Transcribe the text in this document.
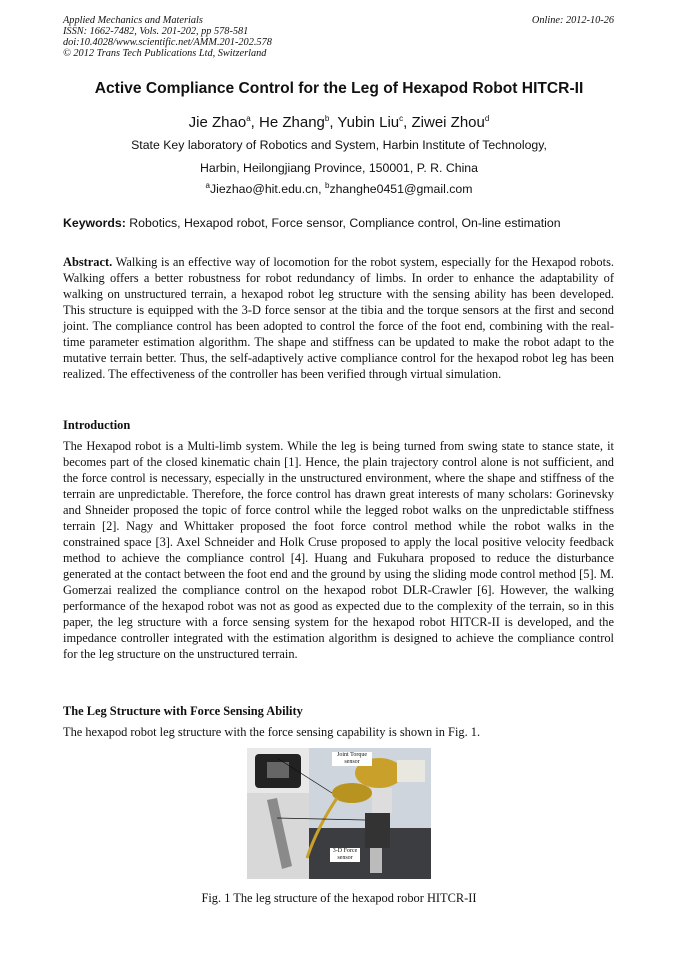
Applied Mechanics and Materials
ISSN: 1662-7482, Vols. 201-202, pp 578-581
doi:10.4028/www.scientific.net/AMM.201-202.578
© 2012 Trans Tech Publications Ltd, Switzerland
Online: 2012-10-26
Active Compliance Control for the Leg of Hexapod Robot HITCR-II
Jie Zhao$^a$, He Zhang$^b$, Yubin Liu$^c$, Ziwei Zhou$^d$
State Key laboratory of Robotics and System, Harbin Institute of Technology,
Harbin, Heilongjiang Province, 150001, P. R. China
$^a$Jiezhao@hit.edu.cn, $^b$zhanghe0451@gmail.com
Keywords: Robotics, Hexapod robot, Force sensor, Compliance control, On-line estimation
Abstract. Walking is an effective way of locomotion for the robot system, especially for the Hexapod robots. Walking offers a better robustness for robot redundancy of limbs. In order to enhance the adaptability of walking on unstructured terrain, a hexapod robot leg structure with the sensing ability has been developed. This structure is equipped with the 3-D force sensor at the tibia and the torque sensors at the first and second joint. The compliance control has been adopted to control the force of the foot end, combining with the real-time parameter estimation algorithm. The shape and stiffness can be updated to make the robot adapt to the mutative terrain better. Thus, the self-adaptively active compliance control for the hexapod robot leg has been realized. The effectiveness of the controller has been verified through virtual simulation.
Introduction
The Hexapod robot is a Multi-limb system. While the leg is being turned from swing state to stance state, it becomes part of the closed kinematic chain [1]. Hence, the plain trajectory control alone is not sufficient, and the force control is necessary, especially in the unstructured environment, where the shape and stiffness of the terrain are unpredictable. Therefore, the force control has drawn great interests of many scholars: Gorinevsky and Shneider proposed the topic of force control while the legged robot walks on the unpredictable stiffness terrain [2]. Nagy and Whittaker proposed the foot force control method while the robot walks in the constrained space [3]. Axel Schneider and Holk Cruse proposed to apply the local positive velocity feedback method to achieve the compliance control [4]. Huang and Fukuhara proposed to reduce the disturbance generated at the contact between the foot end and the ground by using the sliding mode control method [5]. M. Gomerzai realized the compliance control on the hexapod robot DLR-Crawler [6]. However, the walking performance of the hexapod robot was not as good as expected due to the complexity of the terrain, so in this paper, the leg structure with a force sensing system for the hexapod robot HITCR-II is developed, and the impedance controller integrated with the estimation algorithm is designed to achieve the compliance control for the leg structure on the unstructured terrain.
The Leg Structure with Force Sensing Ability
The hexapod robot leg structure with the force sensing capability is shown in Fig. 1.
Joint Torque sensor
3-D Force sensor
Fig. 1 The leg structure of the hexapod robor HITCR-II
